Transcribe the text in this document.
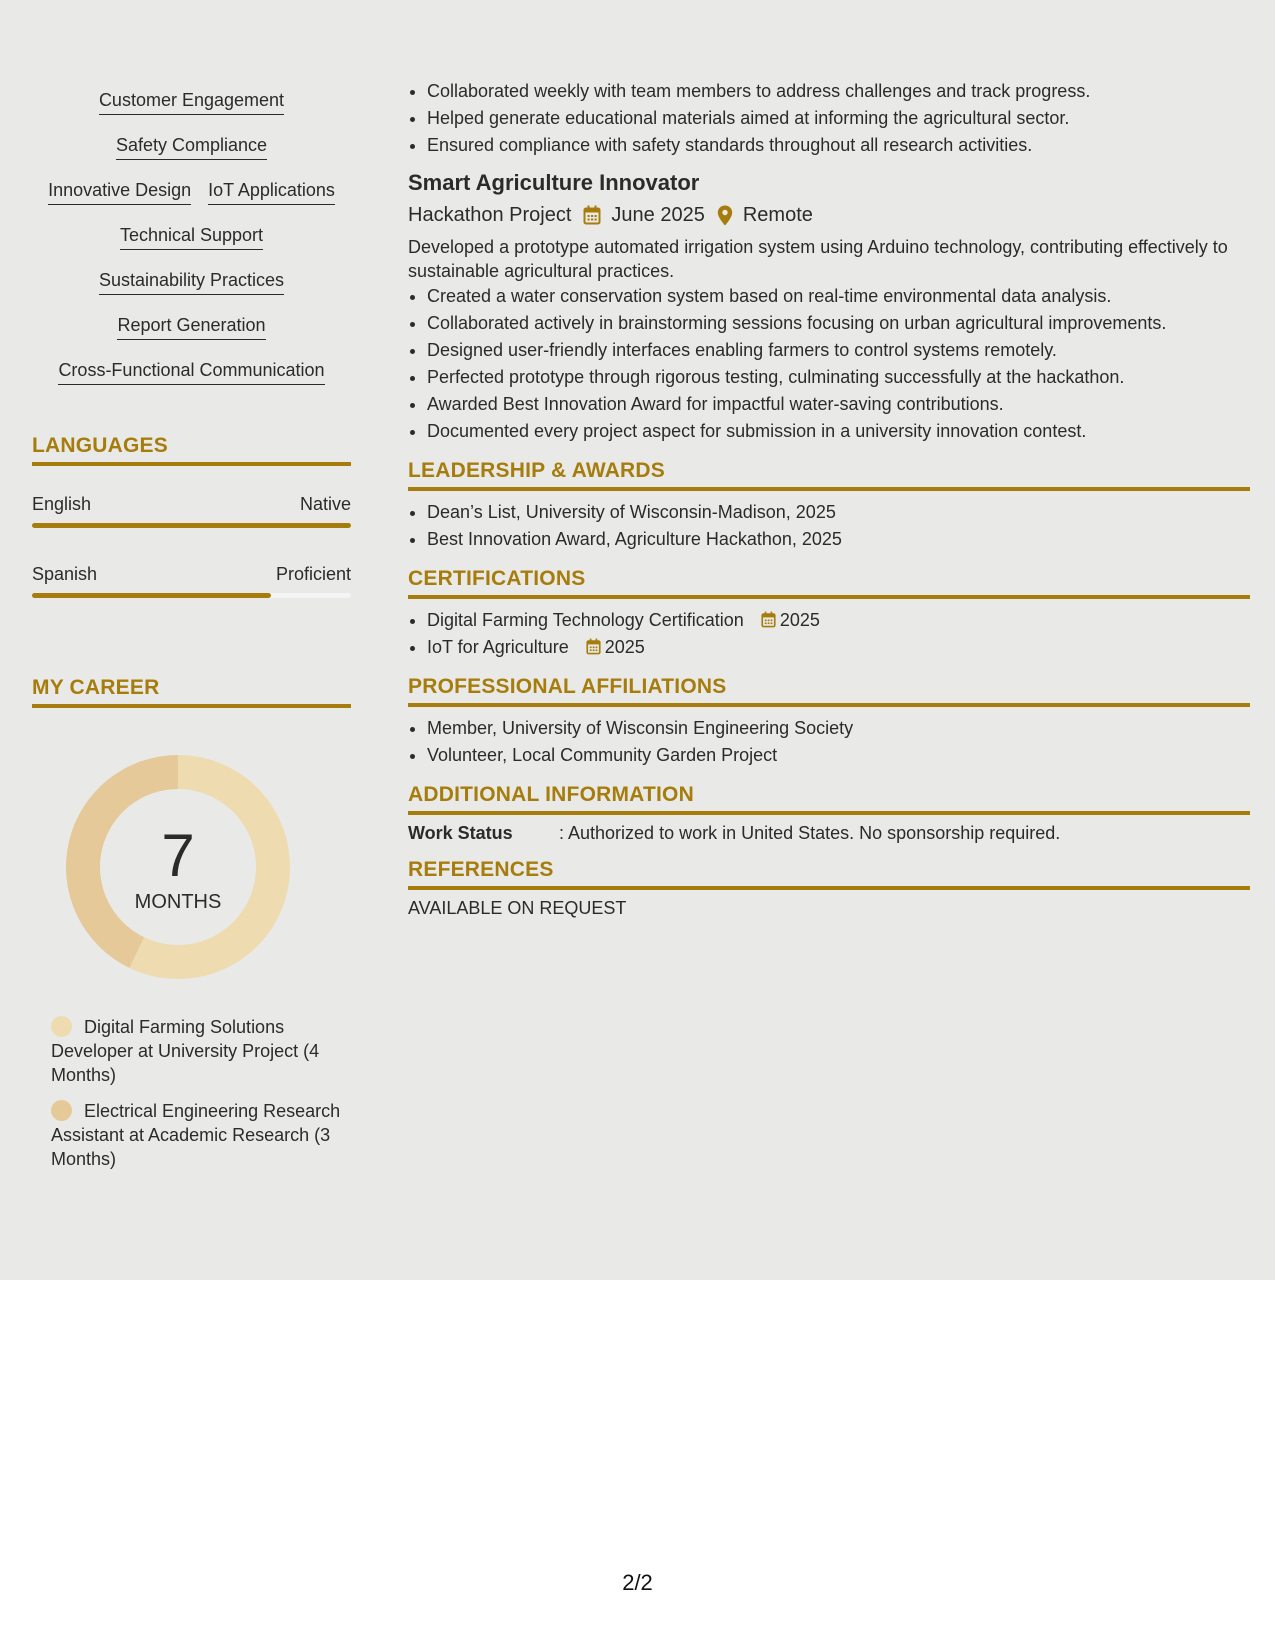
Customer Engagement
Safety Compliance
Innovative Design IoT Applications
Technical Support
Sustainability Practices
Report Generation
Cross-Functional Communication
LANGUAGES
English	Native
Spanish	Proficient
MY CAREER
7
MONTHS
Digital Farming Solutions Developer at University Project (4 Months)
Electrical Engineering Research Assistant at Academic Research (3 Months)
• Collaborated weekly with team members to address challenges and track progress.
• Helped generate educational materials aimed at informing the agricultural sector.
• Ensured compliance with safety standards throughout all research activities.
Smart Agriculture Innovator
Hackathon Project June 2025 Remote
Developed a prototype automated irrigation system using Arduino technology, contributing effectively to sustainable agricultural practices.
• Created a water conservation system based on real-time environmental data analysis.
• Collaborated actively in brainstorming sessions focusing on urban agricultural improvements.
• Designed user-friendly interfaces enabling farmers to control systems remotely.
• Perfected prototype through rigorous testing, culminating successfully at the hackathon.
• Awarded Best Innovation Award for impactful water-saving contributions.
• Documented every project aspect for submission in a university innovation contest.
LEADERSHIP & AWARDS
• Dean’s List, University of Wisconsin-Madison, 2025
• Best Innovation Award, Agriculture Hackathon, 2025
CERTIFICATIONS
• Digital Farming Technology Certification 2025
• IoT for Agriculture 2025
PROFESSIONAL AFFILIATIONS
• Member, University of Wisconsin Engineering Society
• Volunteer, Local Community Garden Project
ADDITIONAL INFORMATION
Work Status	: Authorized to work in United States. No sponsorship required.
REFERENCES
AVAILABLE ON REQUEST
2/2
